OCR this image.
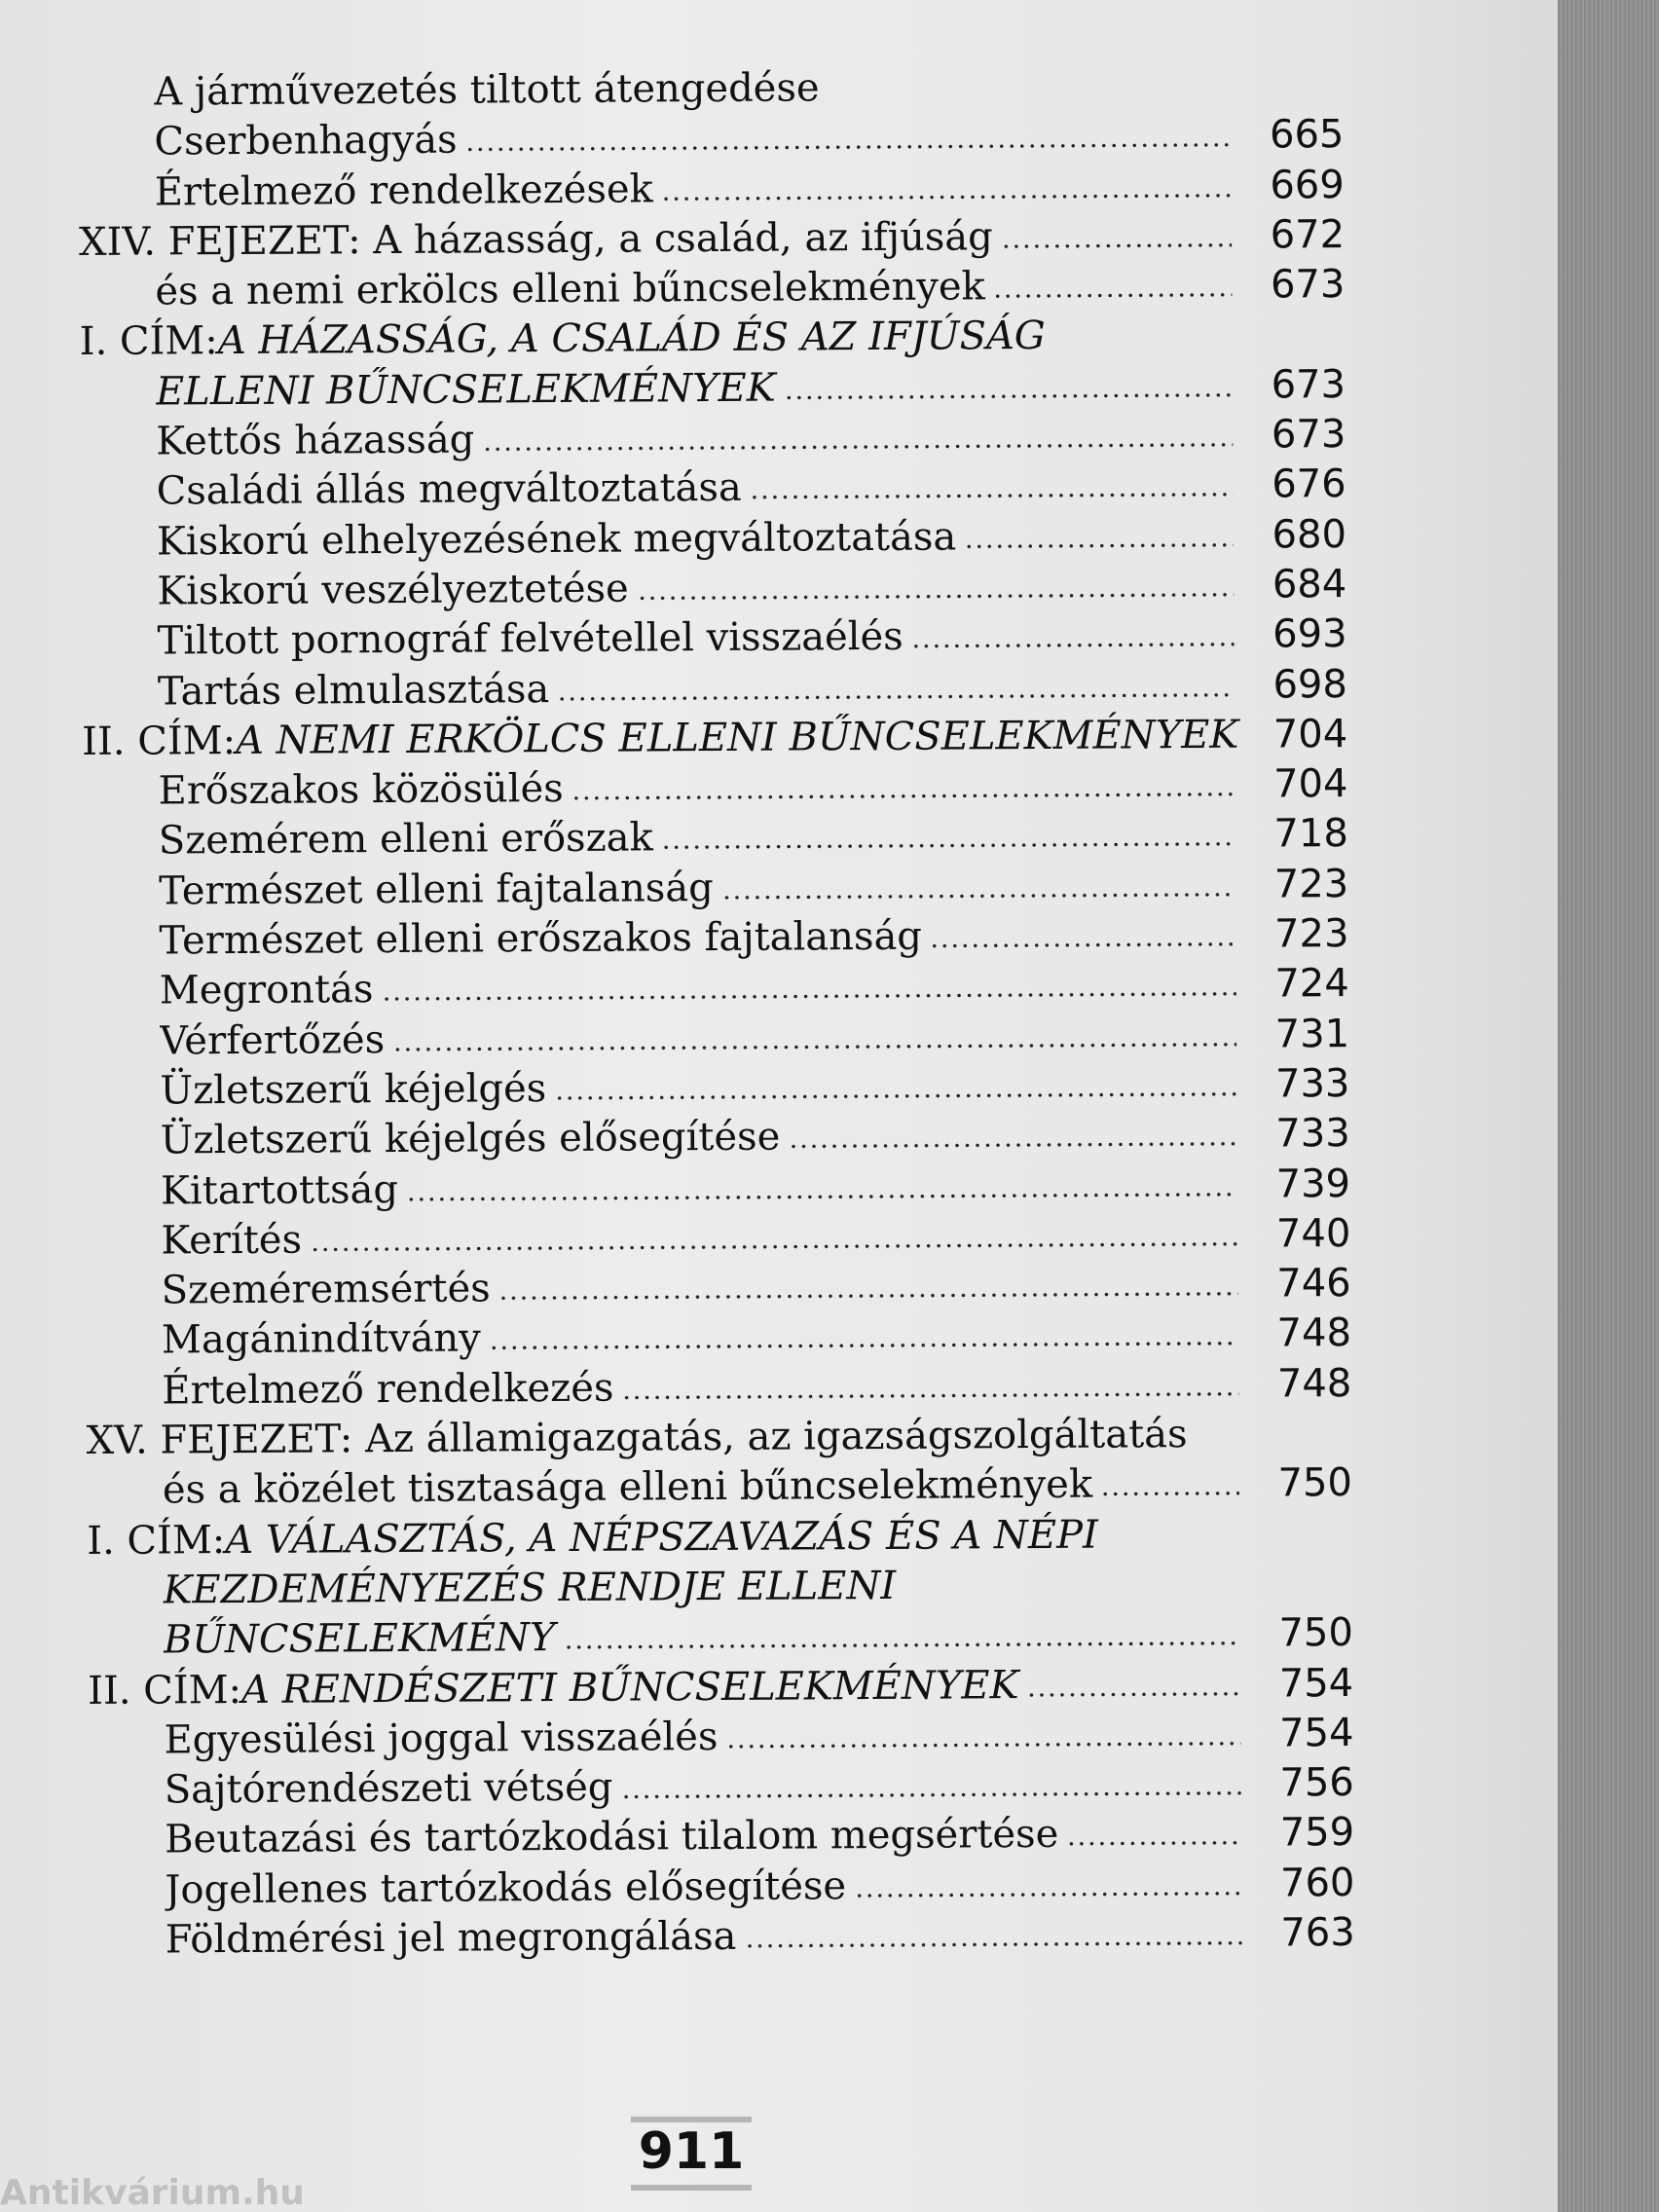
A járművezetés tiltott átengedése
Cserbenhagyás	665
Értelmező rendelkezések	669
XIV. FEJEZET: A házasság, a család, az ifjúság	672
és a nemi erkölcs elleni bűncselekmények	673
I. CÍM: A HÁZASSÁG, A CSALÁD ÉS AZ IFJÚSÁG
ELLENI BŰNCSELEKMÉNYEK	673
Kettős házasság	673
Családi állás megváltoztatása	676
Kiskorú elhelyezésének megváltoztatása	680
Kiskorú veszélyeztetése	684
Tiltott pornográf felvétellel visszaélés	693
Tartás elmulasztása	698
II. CÍM: A NEMI ERKÖLCS ELLENI BŰNCSELEKMÉNYEK 704
Erőszakos közösülés	704
Szemérem elleni erőszak	718
Természet elleni fajtalanság	723
Természet elleni erőszakos fajtalanság	723
Megrontás	724
Vérfertőzés	731
Üzletszerű kéjelgés	733
Üzletszerű kéjelgés elősegítése	733
Kitartottság	739
Kerítés	740
Szeméremsértés	746
Magánindítvány	748
Értelmező rendelkezés	748
XV. FEJEZET: Az államigazgatás, az igazságszolgáltatás
és a közélet tisztasága elleni bűncselekmények	750
I. CÍM: A VÁLASZTÁS, A NÉPSZAVAZÁS ÉS A NÉPI
KEZDEMÉNYEZÉS RENDJE ELLENI
BŰNCSELEKMÉNY	750
II. CÍM: A RENDÉSZETI BŰNCSELEKMÉNYEK	754
Egyesülési joggal visszaélés	754
Sajtórendészeti vétség	756
Beutazási és tartózkodási tilalom megsértése	759
Jogellenes tartózkodás elősegítése	760
Földmérési jel megrongálása	763
911
Antikvárium.hu
